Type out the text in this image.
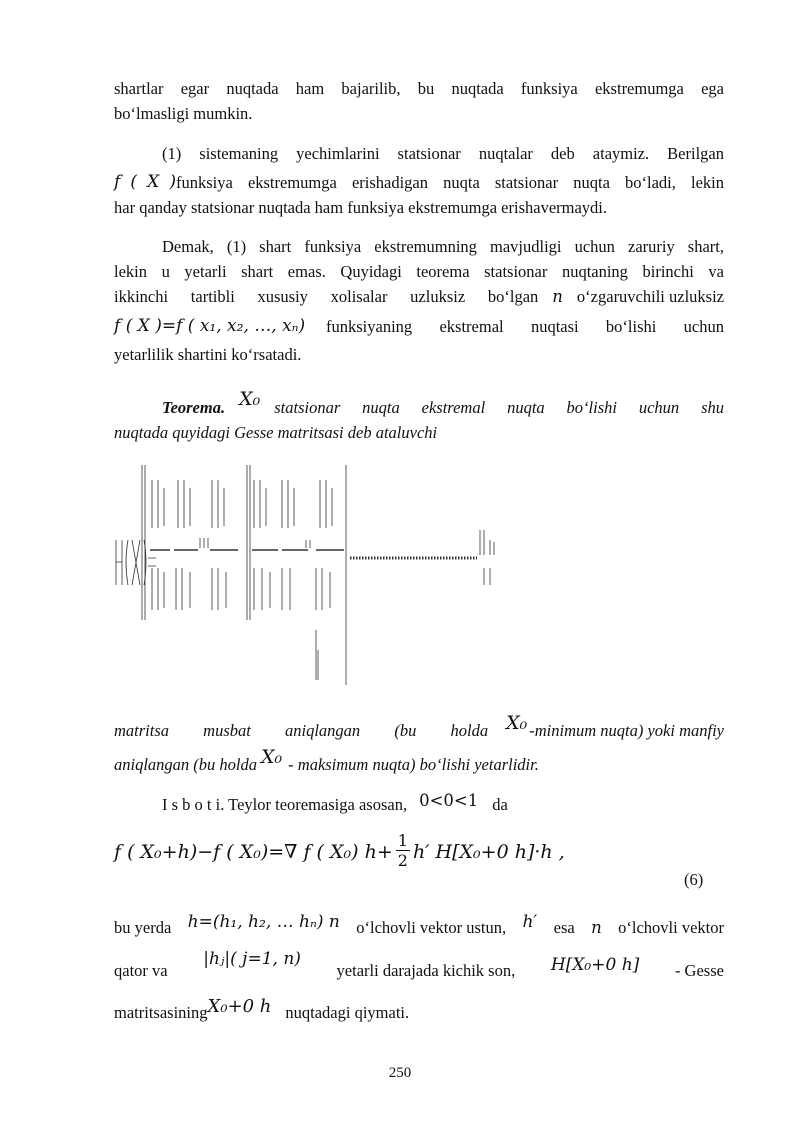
shartlar egar nuqtada ham bajarilib, bu nuqtada funksiya ekstremumga ega
bo‘lmasligi mumkin.
(1) sistemaning yechimlarini statsionar nuqtalar deb ataymiz. Berilgan
f ( X ) funksiya ekstremumga erishadigan nuqta statsionar nuqta bo‘ladi, lekin
har qanday statsionar nuqtada ham funksiya ekstremumga erishavermaydi.
Demak, (1) shart funksiya ekstremumning mavjudligi uchun zaruriy shart,
lekin u yetarli shart emas. Quyidagi teorema statsionar nuqtaning birinchi va
ikkinchi tartibli xususiy xolisalar uzluksiz bo‘lgan n o‘zgaruvchili uzluksiz
f ( X )=f ( x₁, x₂, …, xₙ)	funksiyaning ekstremal nuqtasi bo‘lishi uchun
yetarlilik shartini ko‘rsatadi.
Teorema. X₀ statsionar nuqta ekstremal nuqta bo‘lishi uchun shu
nuqtada quyidagi Gesse matritsasi deb ataluvchi
matritsa musbat aniqlangan (bu holda X₀ -minimum nuqta) yoki manfiy
aniqlangan (bu holda X₀ - maksimum nuqta) bo‘lishi yetarlidir.
I s b o t i . Teylor teoremasiga asosan, 0<0<1 da
f ( X₀+h)−f ( X₀)=∇ f ( X₀) $h+ \frac{1}{2} h'$ H[X₀+0 h]·h ,
(6)
bu yerda h=(h₁, h₂, … hₙ) n o‘lchovli vektor ustun, h′ esa n o‘lchovli vektor
qator va
|hⱼ|( j=1, n)
yetarli darajada kichik son, H[X₀+0 h] - Gesse
matritsasining X₀+0 h nuqtadagi qiymati.
250
